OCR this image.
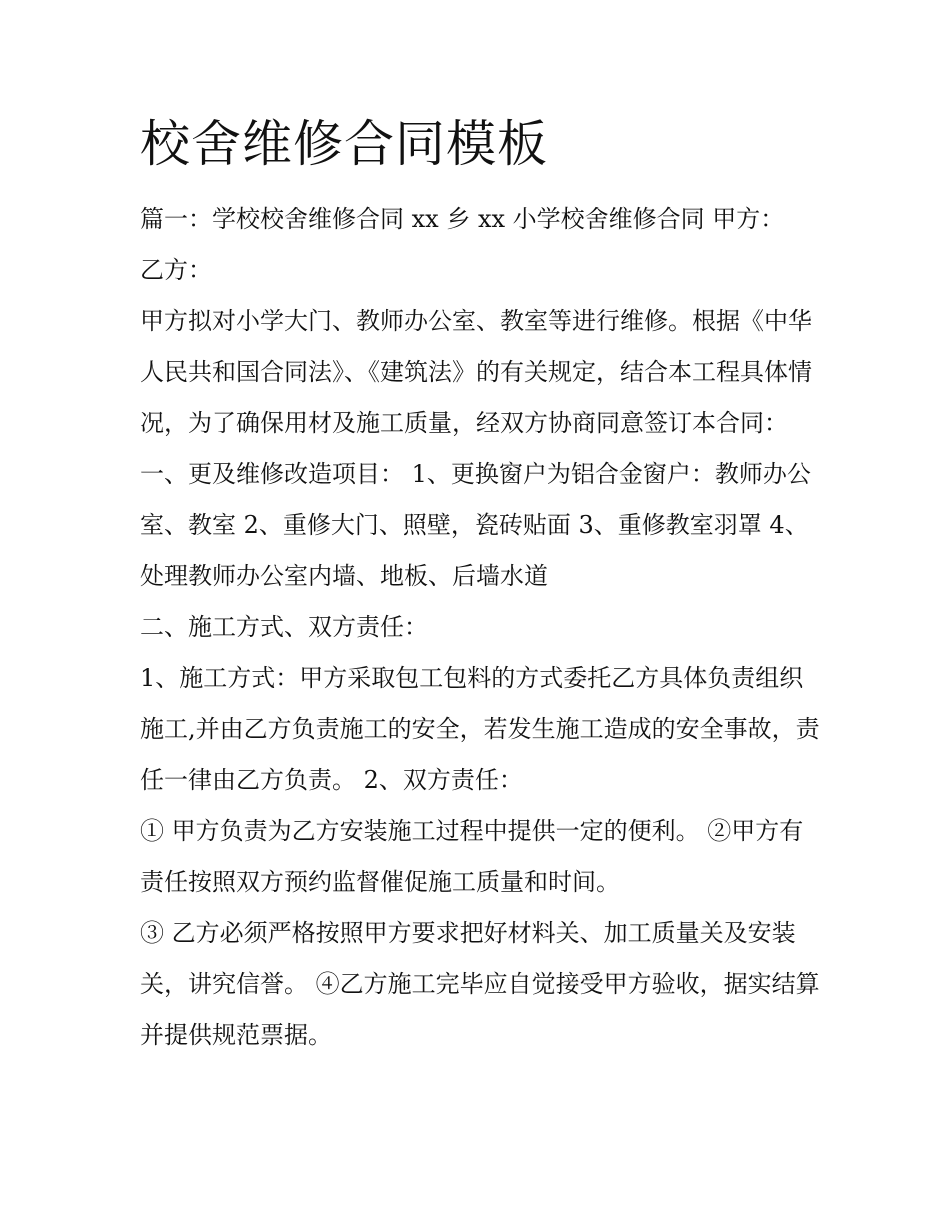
校舍维修合同模板

篇一：学校校舍维修合同 xx 乡 xx 小学校舍维修合同 甲方：

乙方：

甲方拟对小学大门、教师办公室、教室等进行维修。根据《中华人民共和国合同法》、《建筑法》的有关规定，结合本工程具体情况，为了确保用材及施工质量，经双方协商同意签订本合同：

一、更及维修改造项目： 1、更换窗户为铝合金窗户：教师办公室、教室 2、重修大门、照壁，瓷砖贴面 3、重修教室羽罩 4、处理教师办公室内墙、地板、后墙水道

二、施工方式、双方责任：

1、施工方式：甲方采取包工包料的方式委托乙方具体负责组织施工,并由乙方负责施工的安全，若发生施工造成的安全事故，责任一律由乙方负责。 2、双方责任：

① 甲方负责为乙方安装施工过程中提供一定的便利。 ②甲方有责任按照双方预约监督催促施工质量和时间。

③ 乙方必须严格按照甲方要求把好材料关、加工质量关及安装关，讲究信誉。 ④乙方施工完毕应自觉接受甲方验收，据实结算并提供规范票据。
